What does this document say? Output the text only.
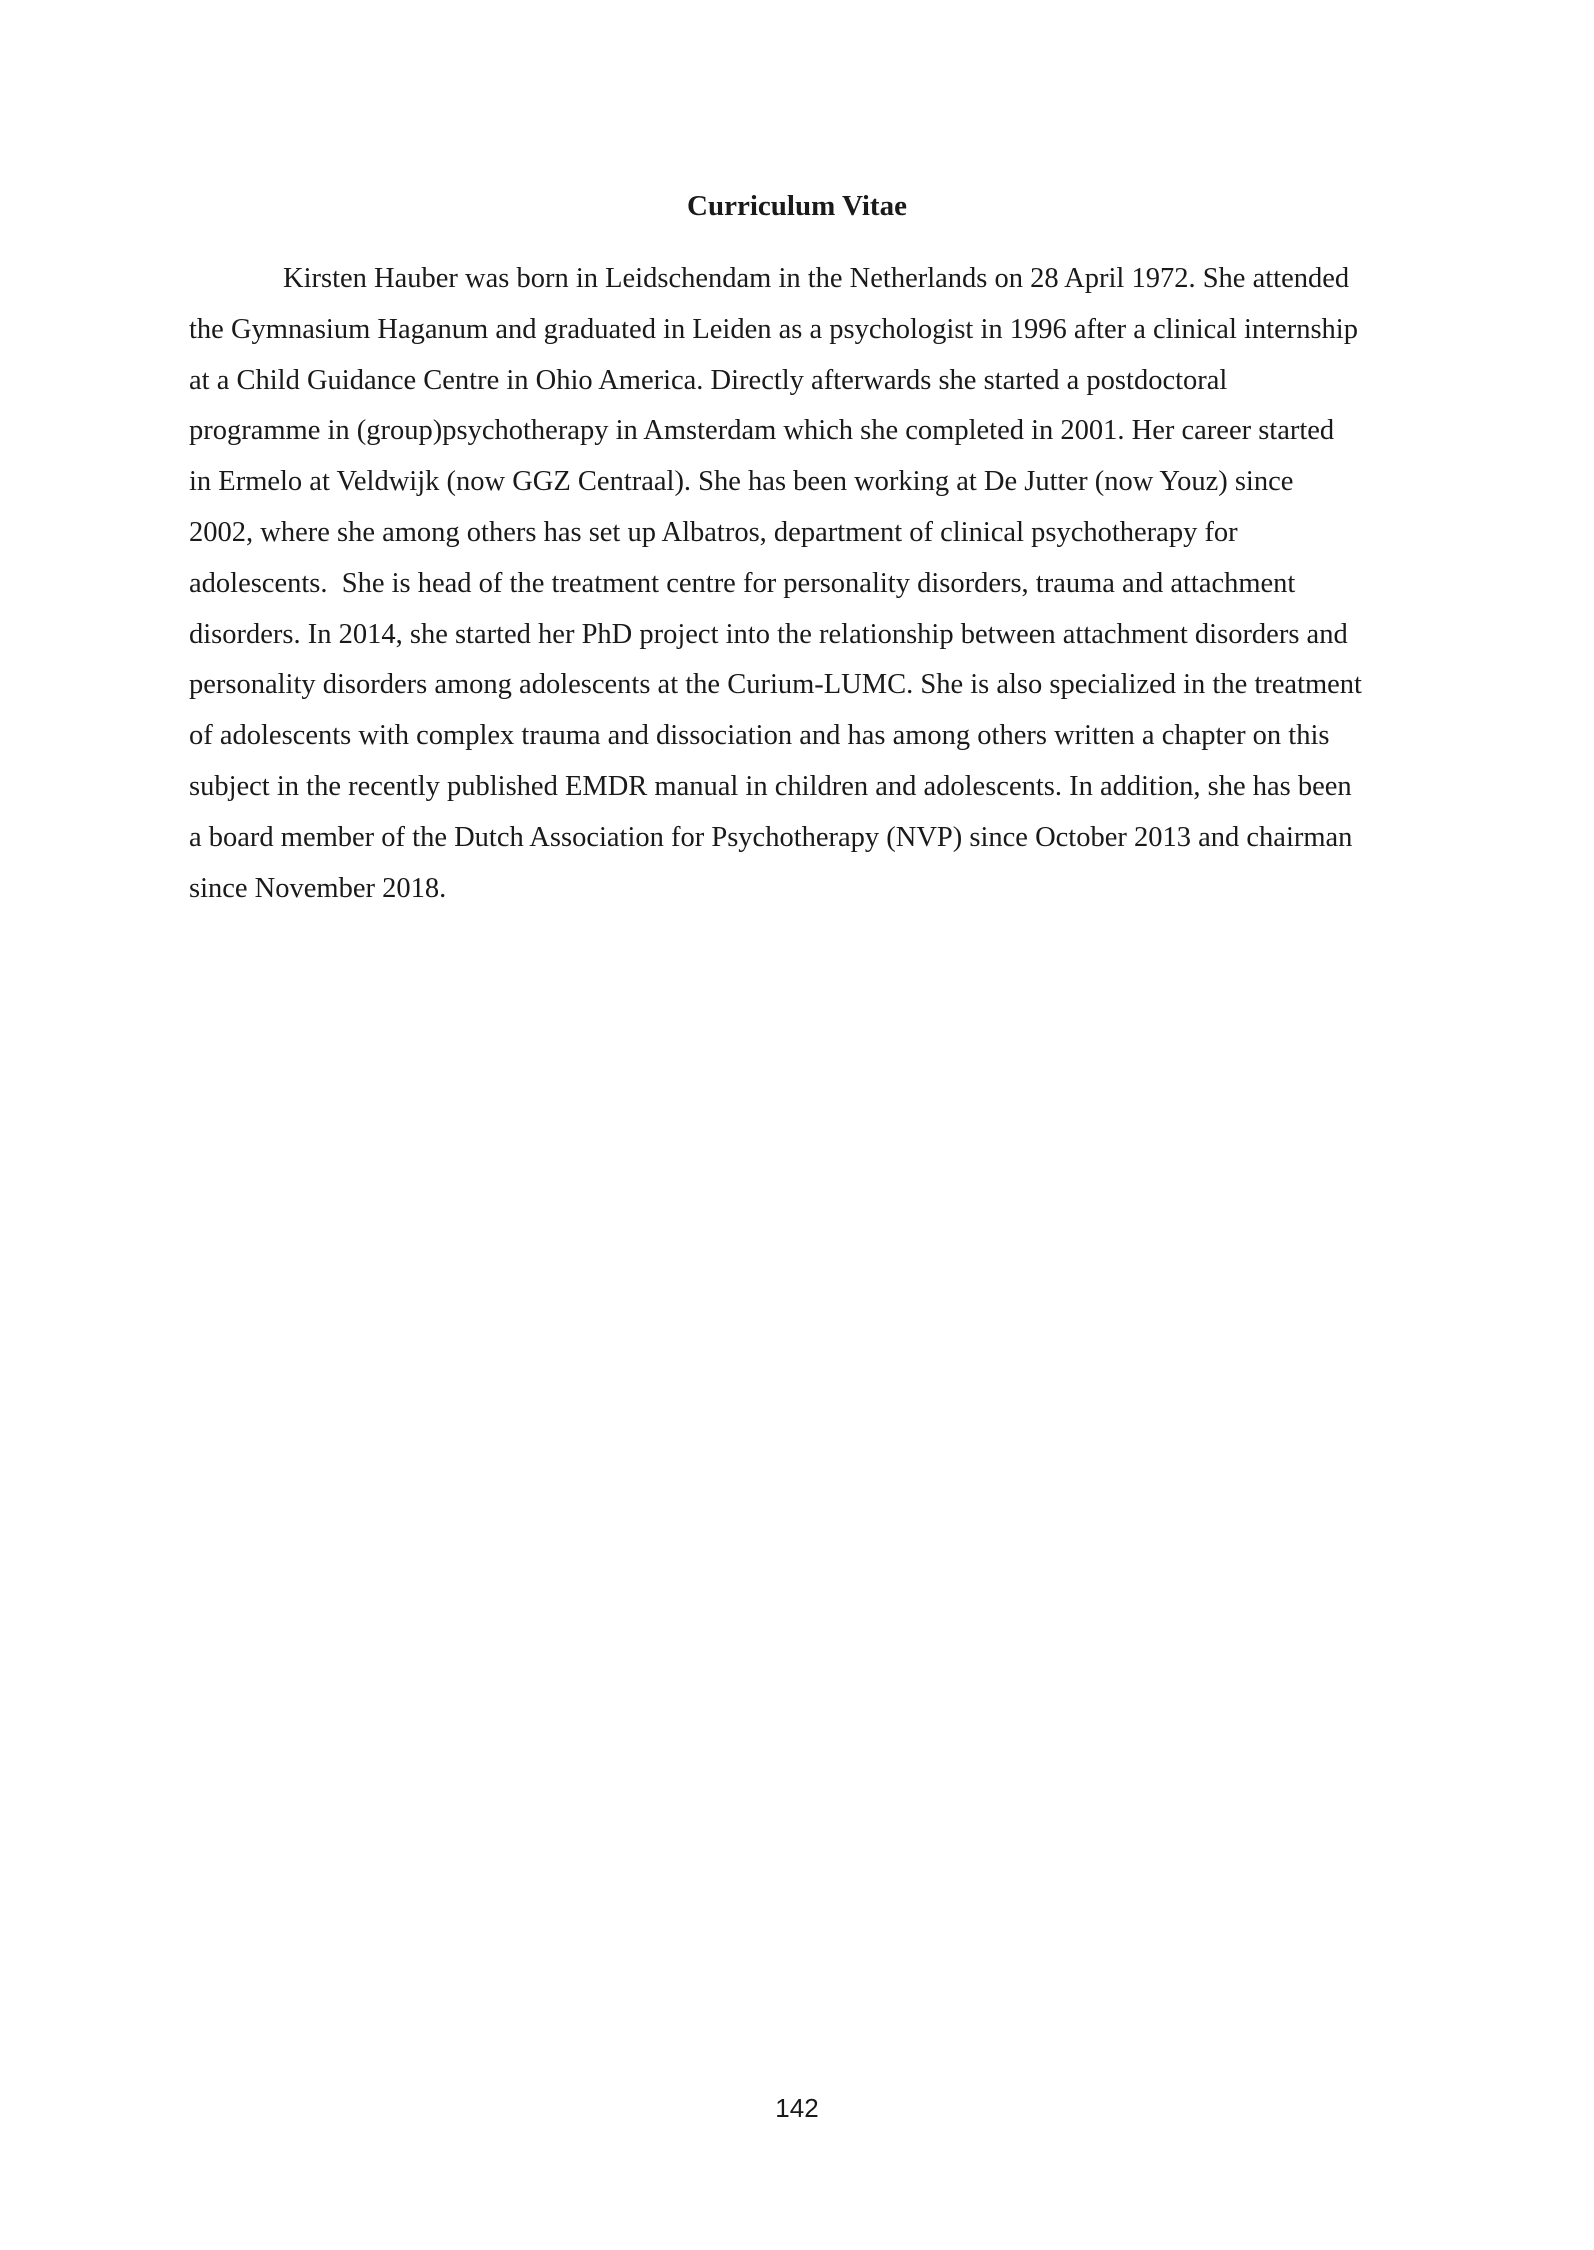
Curriculum Vitae
Kirsten Hauber was born in Leidschendam in the Netherlands on 28 April 1972. She attended
the Gymnasium Haganum and graduated in Leiden as a psychologist in 1996 after a clinical internship
at a Child Guidance Centre in Ohio America. Directly afterwards she started a postdoctoral
programme in (group)psychotherapy in Amsterdam which she completed in 2001. Her career started
in Ermelo at Veldwijk (now GGZ Centraal). She has been working at De Jutter (now Youz) since
2002, where she among others has set up Albatros, department of clinical psychotherapy for
adolescents.  She is head of the treatment centre for personality disorders, trauma and attachment
disorders. In 2014, she started her PhD project into the relationship between attachment disorders and
personality disorders among adolescents at the Curium-LUMC. She is also specialized in the treatment
of adolescents with complex trauma and dissociation and has among others written a chapter on this
subject in the recently published EMDR manual in children and adolescents. In addition, she has been
a board member of the Dutch Association for Psychotherapy (NVP) since October 2013 and chairman
since November 2018.
142
